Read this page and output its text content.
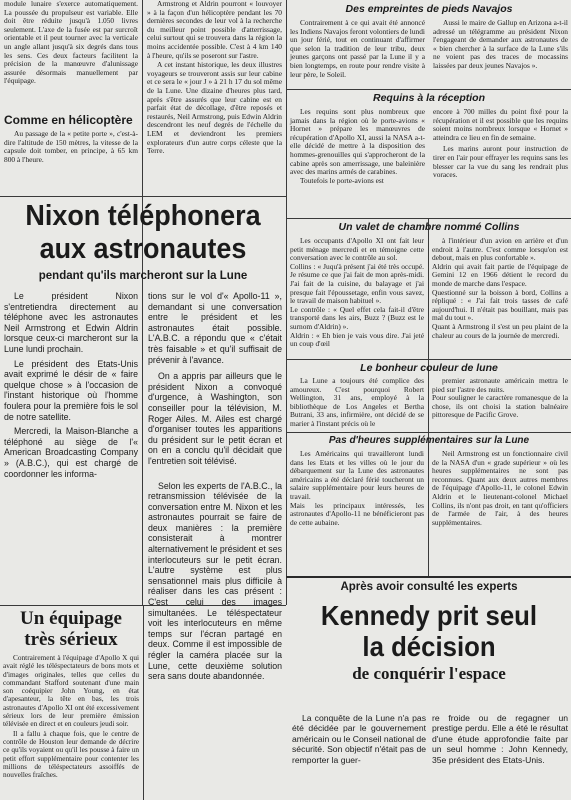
module lunaire s'exerce automatiquement. La poussée du propulseur est variable. Elle doit être réduite jusqu'à 1.050 livres seulement. L'axe de la fusée est par surcroît orientable et il peut tourner avec la verticale un angle allant jusqu'à six degrés dans tous les sens. Ces deux facteurs facilitent la précision de la manœuvre d'alunissage assurée désormais manuellement par l'équipage.
Comme en hélicoptère
Au passage de la « petite porte », c'est-à-dire l'altitude de 150 mètres, la vitesse de la capsule doit tomber, en principe, à 65 km 800 à l'heure.
Armstrong et Aldrin pourront « louvoyer » à la façon d'un hélicoptère pendant les 70 dernières secondes de leur vol à la recherche du meilleur point possible d'atterrissage, celui surtout qui se trouvera dans la région la moins accidentée possible. C'est à 4 km 140 à l'heure, qu'ils se poseront sur l'astre.
A cet instant historique, les deux illustres voyageurs se trouveront assis sur leur cabine et ce sera le « jour J » à 21 h 17 du sol même de la Lune. Une dizaine d'heures plus tard, après s'être assurés que leur cabine est en parfait état de décollage, d'être reposés et restaurés, Neil Armstrong, puis Edwin Aldrin descendront les neuf degrés de l'échelle du LEM et deviendront les premiers explorateurs d'un autre corps céleste que la Terre.
Des empreintes de pieds Navajos
Contrairement à ce qui avait été annoncé les Indiens Navajos feront volontiers de lundi un jour férié, tout en continuant d'affirmer que selon la tradition de leur tribu, deux jeunes garçons ont passé par la Lune il y a bien longtemps, en route pour rendre visite à leur père, le Soleil.
Aussi le maire de Gallup en Arizona a-t-il adressé un télégramme au président Nixon l'engageant de demander aux astronautes de « bien chercher à la surface de la Lune s'ils ne voient pas des traces de mocassins laissées par deux jeunes Navajos ».
Requins à la réception
Les requins sont plus nombreux que jamais dans la région où le porte-avions « Hornet » prépare les manœuvres de récupération d'Apollo XI, aussi la NASA a-t-elle décidé de mettre à la disposition des hommes-grenouilles qui s'approcheront de la cabine après son amerrissage, une baleinière avec des marins armés de carabines.
Toutefois le porte-avions est
encore à 700 milles du point fixé pour la récupération et il est possible que les requins soient moins nombreux lorsque « Hornet » atteindra ce lieu en fin de semaine.
Les marins auront pour instruction de tirer en l'air pour effrayer les requins sans les blesser car la vue du sang les rendrait plus voraces.
Nixon téléphonera
aux astronautes
pendant qu'ils marcheront sur la Lune
Le président Nixon s'entretiendra directement au téléphone avec les astronautes Neil Armstrong et Edwin Aldrin lorsque ceux-ci marcheront sur la Lune lundi prochain.
Le président des Etats-Unis avait exprimé le désir de « faire quelque chose » à l'occasion de l'instant historique où l'homme foulera pour la première fois le sol de notre satellite.
Mercredi, la Maison-Blanche a téléphoné au siège de l'« American Broadcasting Company » (A.B.C.), qui est chargé de coordonner les informa-
tions sur le vol d'« Apollo-11 », demandant si une conversation entre le président et les astronautes était possible. L'A.B.C. a répondu que « c'était très faisable » et qu'il suffisait de prévenir à l'avance.
On a appris par ailleurs que le président Nixon a convoqué d'urgence, à Washington, son conseiller pour la télévision, M. Roger Ailes. M. Ailes est chargé d'organiser toutes les apparitions du président sur le petit écran et on en a conclu qu'il décidait que l'entretien soit télévisé.
Selon les experts de l'A.B.C., la retransmission télévisée de la conversation entre M. Nixon et les astronautes pourrait se faire de deux manières : la première consisterait à montrer alternativement le président et ses interlocuteurs sur le petit écran. L'autre système est plus sensationnel mais plus difficile à réaliser dans les cas présent : C'est celui des images simultanées. Le téléspectateur voit les interlocuteurs en même temps sur l'écran partagé en deux. Comme il est impossible de régler la caméra placée sur la Lune, cette deuxième solution sera sans doute abandonnée.
Un équipage
très sérieux
Contrairement à l'équipage d'Apollo X qui avait réglé les téléspectateurs de bons mots et d'images originales, telles que celles du commandant Stafford soutenant d'une main son coéquipier John Young, en état d'apesanteur, la tête en bas, les trois astronautes d'Apollo XI ont été excessivement sérieux lors de leur première émission télévisée en direct et en couleurs jeudi soir.
Il a fallu à chaque fois, que le centre de contrôle de Houston leur demande de décrire ce qu'ils voyaient ou qu'il les pousse à faire un petit effort supplémentaire pour contenter les millions de téléspectateurs assoiffés de nouvelles fraîches.
Un valet de chambre nommé Collins
Les occupants d'Apollo XI ont fait leur petit ménage mercredi et en témoigne cette conversation avec le contrôle au sol.
Collins : « Juqu'à présent j'ai été très occupé. Je résume ce que j'ai fait de mon après-midi. J'ai fait de la cuisine, du balayage et j'ai presque fait l'époussetage, enfin vous savez, le travail de maison habituel ».
Le contrôle : « Quel effet cela fait-il d'être transporté dans les airs, Buzz ? (Buzz est le surnom d'Aldrin) ».
Aldrin : « Eh bien je vais vous dire. J'ai jeté un coup d'œil
à l'intérieur d'un avion en arrière et d'un endroit à l'autre. C'est comme lorsqu'on est debout, mais en plus confortable ».
Aldrin qui avait fait partie de l'équipage de Gemini 12 en 1966 détient le record du monde de marche dans l'espace.
Questionné sur la boisson à bord, Collins a répliqué : « J'ai fait trois tasses de café aujourd'hui. Il n'était pas bouillant, mais pas mal du tout ».
Quant à Armstrong il s'est un peu plaint de la chaleur au cours de la journée de mercredi.
Le bonheur couleur de lune
La Lune a toujours été complice des amoureux. C'est pourquoi Robert Wellington, 31 ans, employé à la bibliothèque de Los Angeles et Bertha Butrani, 33 ans, infirmière, ont décidé de se marier à l'instant précis où le
premier astronaute américain mettra le pied sur l'astre des nuits.
Pour souligner le caractère romanesque de la chose, ils ont choisi la station balnéaire pittoresque de Pacific Grove.
Pas d'heures supplémentaires sur la Lune
Les Américains qui travailleront lundi dans les Etats et les villes où le jour du débarquement sur la Lune des astronautes américains a été déclaré férié toucheront un salaire supplémentaire pour leurs heures de travail.
Mais les principaux intéressés, les astronautes d'Apollo-11 ne bénéficieront pas de cette aubaine.
Neil Armstrong est un fonctionnaire civil de la NASA d'un « grade supérieur » où les heures supplémentaires ne sont pas reconnues. Quant aux deux autres membres de l'équipage d'Apollo-11, le colonel Edwin Aldrin et le lieutenant-colonel Michael Collins, ils n'ont pas droit, en tant qu'officiers de l'armée de l'air, à des heures supplémentaires.
Après avoir consulté les experts
Kennedy prit seul
la décision
de conquérir l'espace
La conquête de la Lune n'a pas été décidée par le gouvernement américain ou le Conseil national de sécurité. Son objectif n'était pas de remporter la guer-
re froide ou de regagner un prestige perdu. Elle a été le résultat d'une étude approfondie faite par un seul homme : John Kennedy, 35e président des Etats-Unis.
